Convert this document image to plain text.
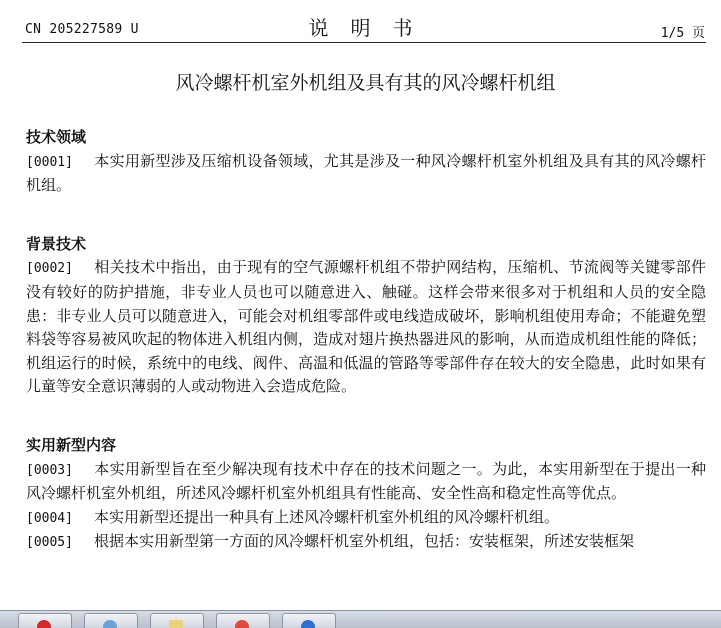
CN 205227589 U	说明书	1/5 页
风冷螺杆机室外机组及具有其的风冷螺杆机组
技术领域

[0001] 本实用新型涉及压缩机设备领域，尤其是涉及一种风冷螺杆机室外机组及具有其的风冷螺杆机组。

背景技术

[0002] 相关技术中指出，由于现有的空气源螺杆机组不带护网结构，压缩机、节流阀等关键零部件没有较好的防护措施，非专业人员也可以随意进入、触碰。这样会带来很多对于机组和人员的安全隐患：非专业人员可以随意进入，可能会对机组零部件或电线造成破坏，影响机组使用寿命；不能避免塑料袋等容易被风吹起的物体进入机组内侧，造成对翅片换热器进风的影响，从而造成机组性能的降低；机组运行的时候，系统中的电线、阀件、高温和低温的管路等零部件存在较大的安全隐患，此时如果有儿童等安全意识薄弱的人或动物进入会造成危险。

实用新型内容

[0003] 本实用新型旨在至少解决现有技术中存在的技术问题之一。为此，本实用新型在于提出一种风冷螺杆机室外机组，所述风冷螺杆机室外机组具有性能高、安全性高和稳定性高等优点。

[0004] 本实用新型还提出一种具有上述风冷螺杆机室外机组的风冷螺杆机组。

[0005] 根据本实用新型第一方面的风冷螺杆机室外机组，包括：安装框架，所述安装框架
